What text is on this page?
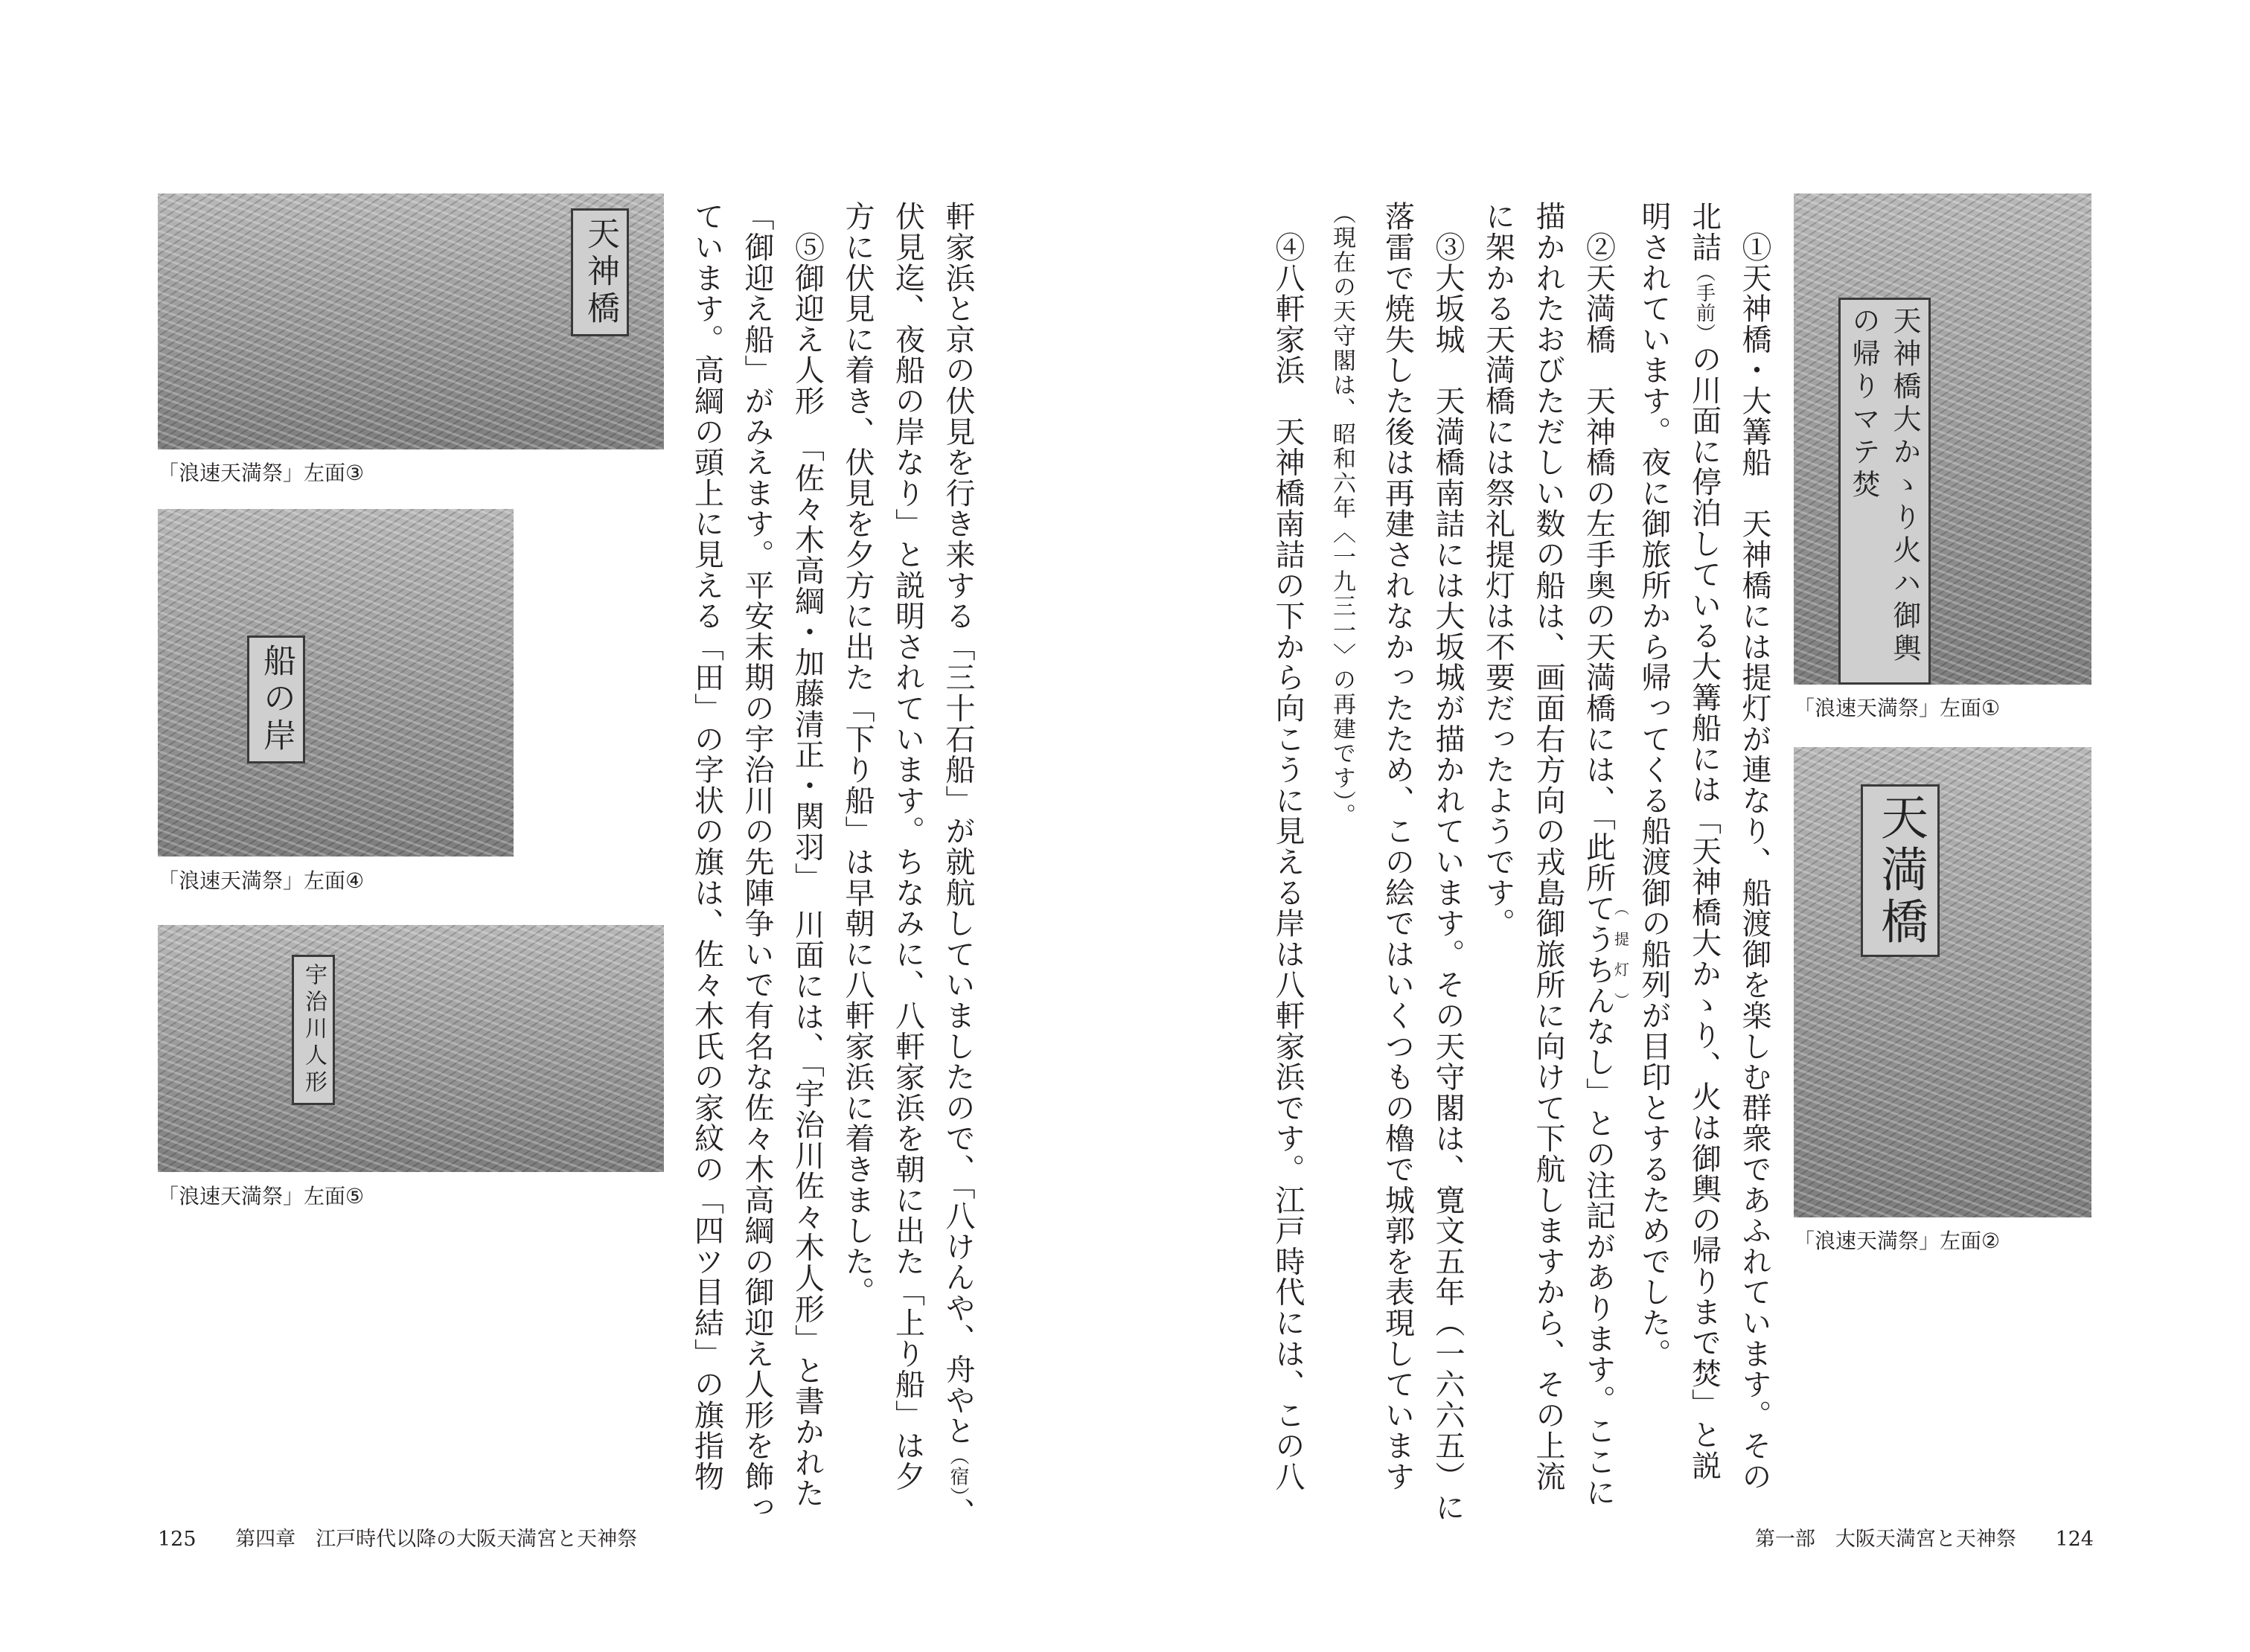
　①天神橋・大篝船　天神橋には提灯が連なり、船渡御を楽しむ群衆であふれています。その
北詰（手前）の川面に停泊している大篝船には「天神橋大かゝり、火は御輿の帰りまで焚」と説
明されています。夜に御旅所から帰ってくる船渡御の船列が目印とするためでした。
　②天満橋　天神橋の左手奥の天満橋には、「此所てうちん（提灯）なし」との注記があります。ここに
描かれたおびただしい数の船は、画面右方向の戎島御旅所に向けて下航しますから、その上流
に架かる天満橋には祭礼提灯は不要だったようです。
　③大坂城　天満橋南詰には大坂城が描かれています。その天守閣は、寛文五年（一六六五）に
落雷で焼失した後は再建されなかったため、この絵ではいくつもの櫓で城郭を表現しています
（現在の天守閣は、昭和六年〈一九三一〉の再建です）。
　④八軒家浜　天神橋南詰の下から向こうに見える岸は八軒家浜です。江戸時代には、この八	天神橋大かゝり火ハ御輿の帰りマテ焚
「浪速天満祭」左面①
天満橋
「浪速天満祭」左面②
軒家浜と京の伏見を行き来する「三十石船」が就航していましたので、「八けんや、舟やと（宿）、
伏見迄、夜船の岸なり」と説明されています。ちなみに、八軒家浜を朝に出た「上り船」は夕
方に伏見に着き、伏見を夕方に出た「下り船」は早朝に八軒家浜に着きました。
　⑤御迎え人形　「佐々木高綱・加藤清正・関羽」　川面には、「宇治川佐々木人形」と書かれた
「御迎え船」がみえます。平安末期の宇治川の先陣争いで有名な佐々木高綱の御迎え人形を飾っ
ています。高綱の頭上に見える「田」の字状の旗は、佐々木氏の家紋の「四ツ目結」の旗指物
天神橋
「浪速天満祭」左面③
船の岸
「浪速天満祭」左面④
宇治川人形
「浪速天満祭」左面⑤
125 第四章　江戸時代以降の大阪天満宮と天神祭	第一部　大阪天満宮と天神祭 124
